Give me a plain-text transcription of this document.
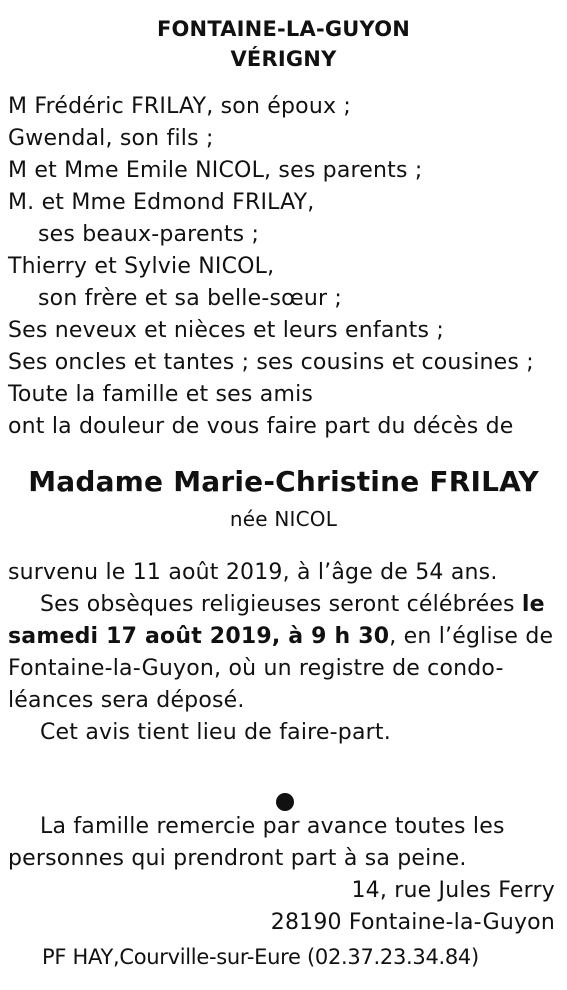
FONTAINE-LA-GUYON
VÉRIGNY
M Frédéric FRILAY, son époux ;
Gwendal, son fils ;
M et Mme Emile NICOL, ses parents ;
M. et Mme Edmond FRILAY,
ses beaux-parents ;
Thierry et Sylvie NICOL,
son frère et sa belle-sœur ;
Ses neveux et nièces et leurs enfants ;
Ses oncles et tantes ; ses cousins et cousines ;
Toute la famille et ses amis
ont la douleur de vous faire part du décès de
Madame Marie-Christine FRILAY
née NICOL
survenu le 11 août 2019, à l’âge de 54 ans.
Ses obsèques religieuses seront célébrées le
samedi 17 août 2019, à 9 h 30, en l’église de
Fontaine-la-Guyon, où un registre de condo-
léances sera déposé.
Cet avis tient lieu de faire-part.
La famille remercie par avance toutes les
personnes qui prendront part à sa peine.
14, rue Jules Ferry
28190 Fontaine-la-Guyon
PF HAY,Courville-sur-Eure (02.37.23.34.84)
